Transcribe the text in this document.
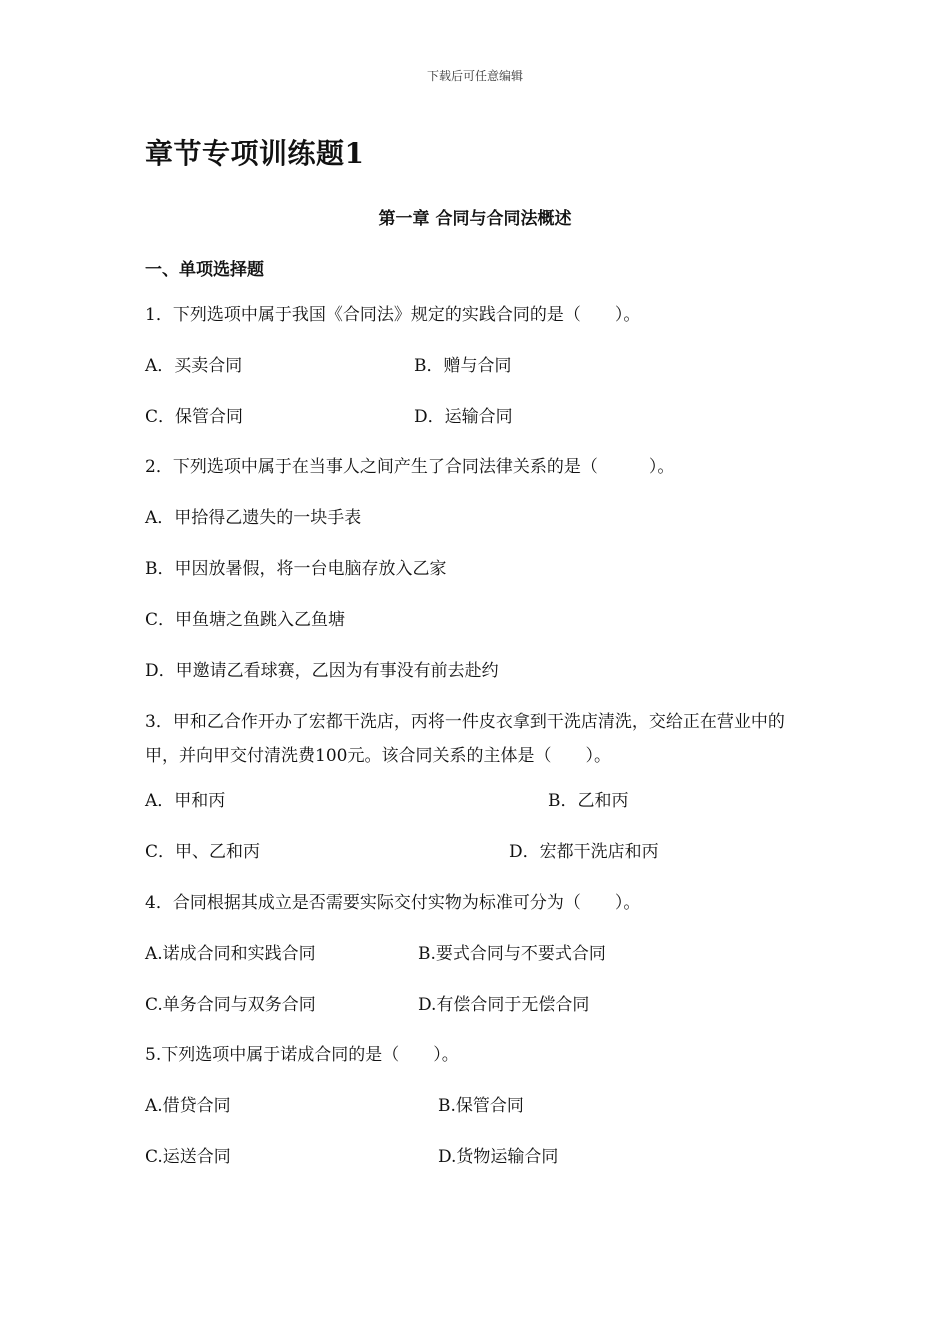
下载后可任意编辑
章节专项训练题1
第一章 合同与合同法概述
一、单项选择题
1．下列选项中属于我国《合同法》规定的实践合同的是（　　）。
A．买卖合同	B．赠与合同
C．保管合同	D．运输合同
2．下列选项中属于在当事人之间产生了合同法律关系的是（　　　）。
A．甲拾得乙遗失的一块手表
B．甲因放暑假，将一台电脑存放入乙家
C．甲鱼塘之鱼跳入乙鱼塘
D．甲邀请乙看球赛，乙因为有事没有前去赴约
3．甲和乙合作开办了宏都干洗店，丙将一件皮衣拿到干洗店清洗，交给正在营业中的甲，并向甲交付清洗费100元。该合同关系的主体是（　　）。
A．甲和丙	B．乙和丙
C．甲、乙和丙	D．宏都干洗店和丙
4．合同根据其成立是否需要实际交付实物为标准可分为（　　）。
A.诺成合同和实践合同	B.要式合同与不要式合同
C.单务合同与双务合同	D.有偿合同于无偿合同
5.下列选项中属于诺成合同的是（　　）。
A.借贷合同	B.保管合同
C.运送合同	D.货物运输合同
